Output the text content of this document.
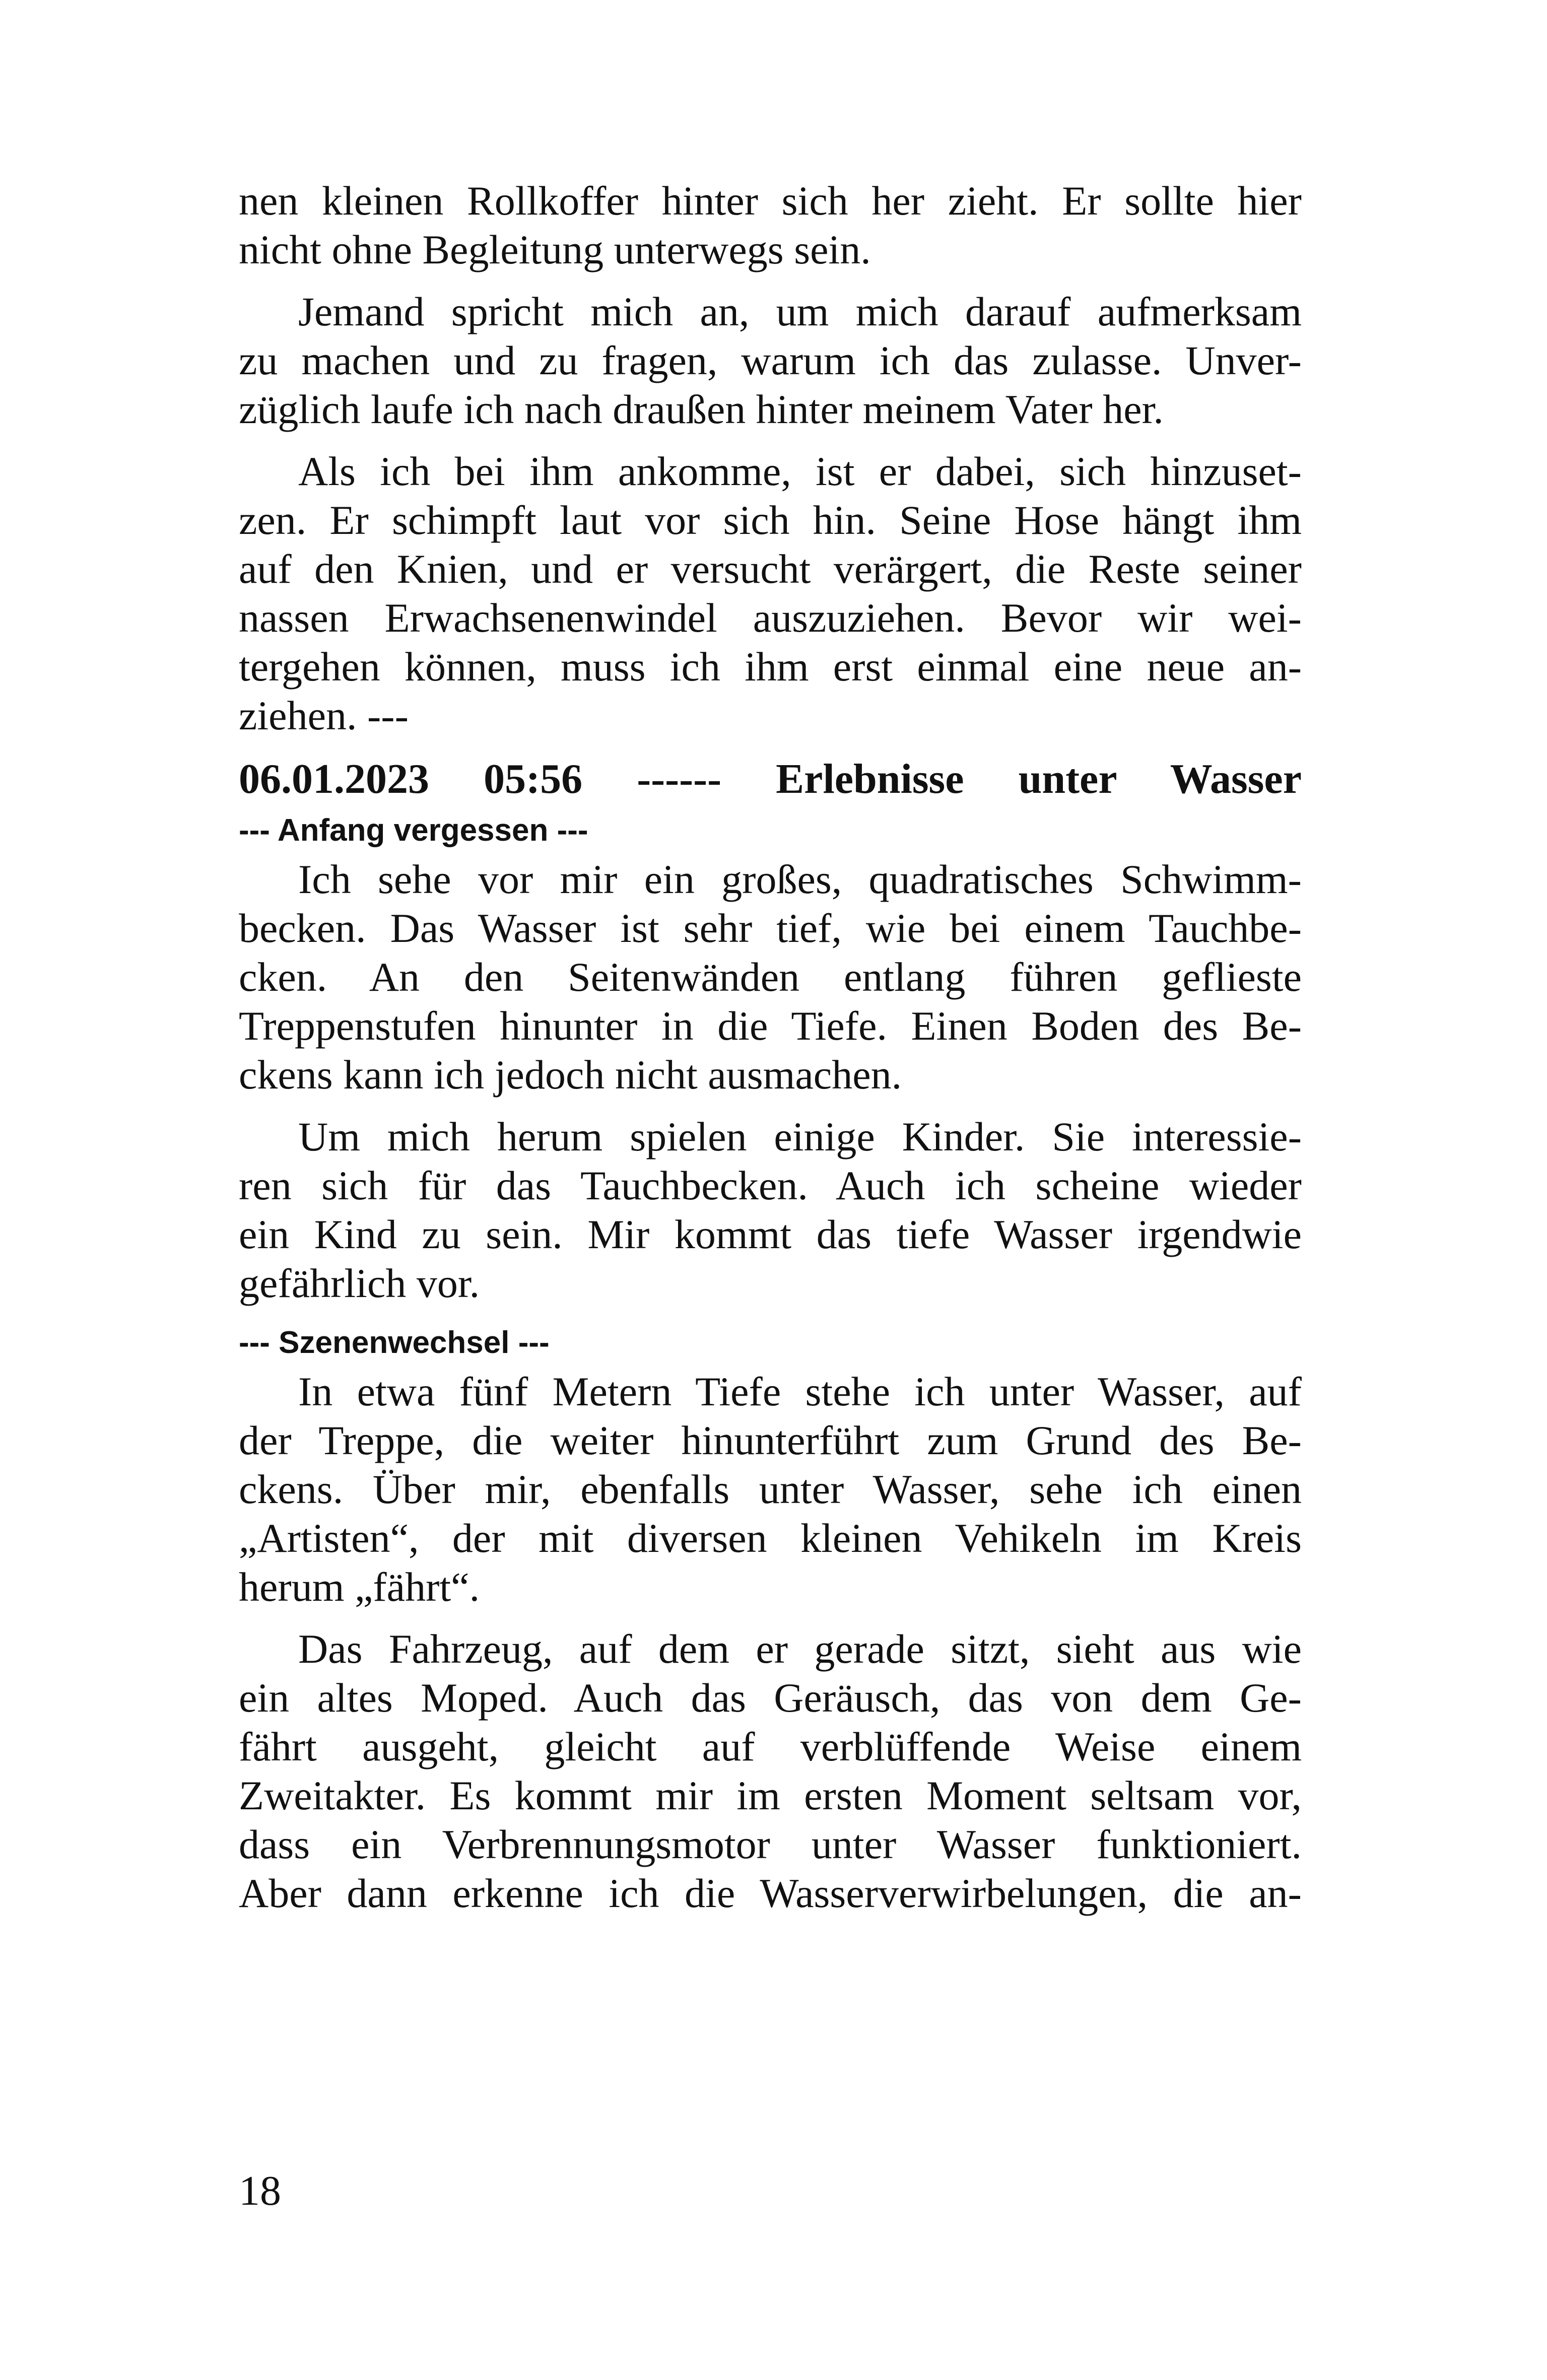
nen kleinen Rollkoffer hinter sich her zieht. Er sollte hier
nicht ohne Begleitung unterwegs sein.
Jemand spricht mich an, um mich darauf aufmerksam
zu machen und zu fragen, warum ich das zulasse. Unver-
züglich laufe ich nach draußen hinter meinem Vater her.
Als ich bei ihm ankomme, ist er dabei, sich hinzuset-
zen. Er schimpft laut vor sich hin. Seine Hose hängt ihm
auf den Knien, und er versucht verärgert, die Reste seiner
nassen Erwachsenenwindel auszuziehen. Bevor wir wei-
tergehen können, muss ich ihm erst einmal eine neue an-
ziehen. ---
06.01.2023 05:56 ------ Erlebnisse unter Wasser
--- Anfang vergessen ---
Ich sehe vor mir ein großes, quadratisches Schwimm-
becken. Das Wasser ist sehr tief, wie bei einem Tauchbe-
cken. An den Seitenwänden entlang führen geflieste
Treppenstufen hinunter in die Tiefe. Einen Boden des Be-
ckens kann ich jedoch nicht ausmachen.
Um mich herum spielen einige Kinder. Sie interessie-
ren sich für das Tauchbecken. Auch ich scheine wieder
ein Kind zu sein. Mir kommt das tiefe Wasser irgendwie
gefährlich vor.
--- Szenenwechsel ---
In etwa fünf Metern Tiefe stehe ich unter Wasser, auf
der Treppe, die weiter hinunterführt zum Grund des Be-
ckens. Über mir, ebenfalls unter Wasser, sehe ich einen
„Artisten“, der mit diversen kleinen Vehikeln im Kreis
herum „fährt“.
Das Fahrzeug, auf dem er gerade sitzt, sieht aus wie
ein altes Moped. Auch das Geräusch, das von dem Ge-
fährt ausgeht, gleicht auf verblüffende Weise einem
Zweitakter. Es kommt mir im ersten Moment seltsam vor,
dass ein Verbrennungsmotor unter Wasser funktioniert.
Aber dann erkenne ich die Wasserverwirbelungen, die an-
18
